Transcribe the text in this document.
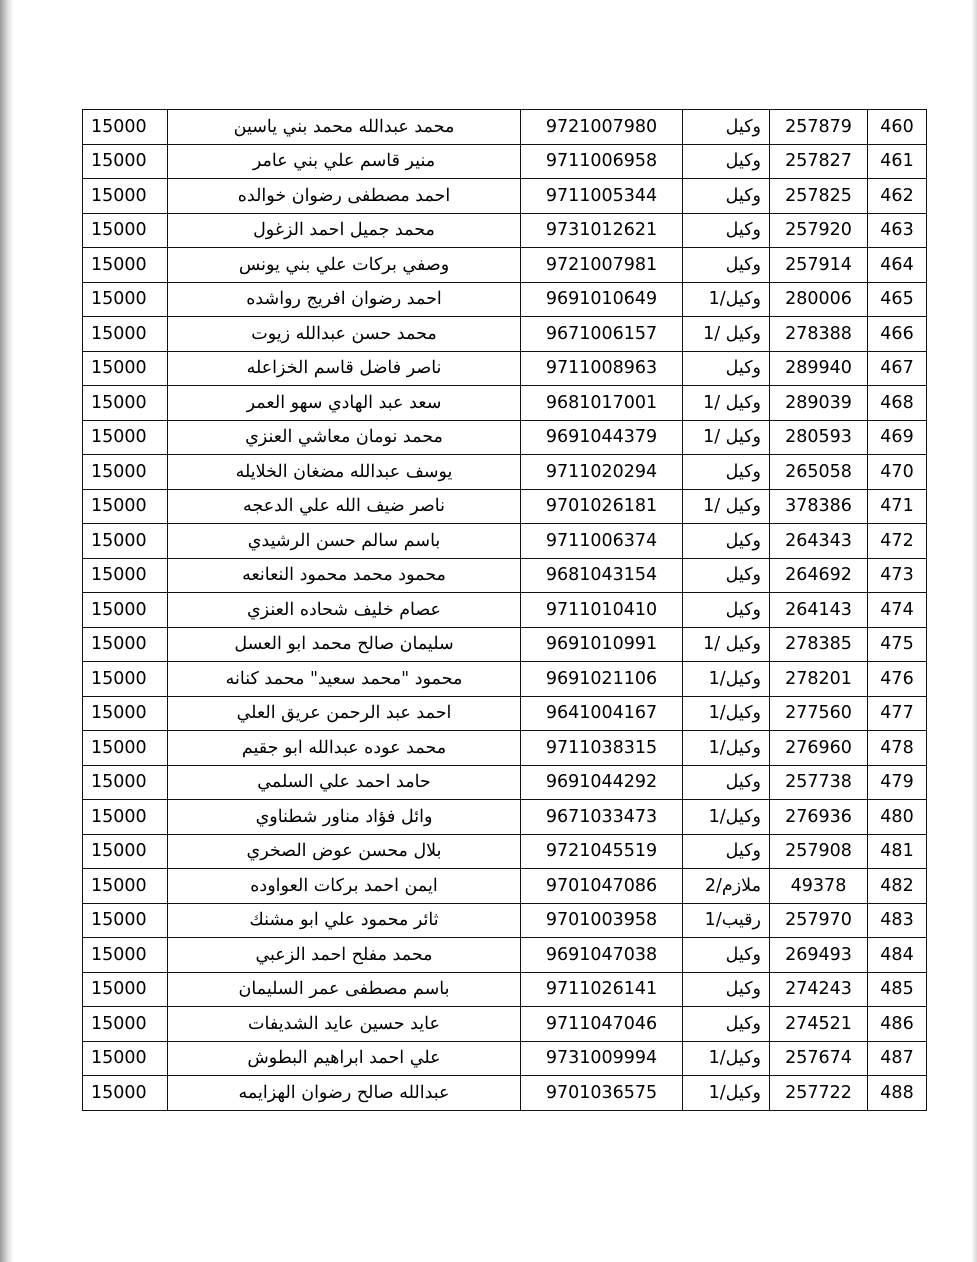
460	257879	وكيل	9721007980	محمد عبدالله محمد بني ياسين	15000
461	257827	وكيل	9711006958	منير قاسم علي بني عامر	15000
462	257825	وكيل	9711005344	احمد مصطفى رضوان خوالده	15000
463	257920	وكيل	9731012621	محمد جميل احمد الزغول	15000
464	257914	وكيل	9721007981	وصفي بركات علي بني يونس	15000
465	280006	وكيل/1	9691010649	احمد رضوان افريج رواشده	15000
466	278388	وكيل /1	9671006157	محمد حسن عبدالله زيوت	15000
467	289940	وكيل	9711008963	ناصر فاضل قاسم الخزاعله	15000
468	289039	وكيل /1	9681017001	سعد عبد الهادي سهو العمر	15000
469	280593	وكيل /1	9691044379	محمد نومان معاشي العنزي	15000
470	265058	وكيل	9711020294	يوسف عبدالله مضغان الخلايله	15000
471	378386	وكيل /1	9701026181	ناصر ضيف الله علي الدعجه	15000
472	264343	وكيل	9711006374	باسم سالم حسن الرشيدي	15000
473	264692	وكيل	9681043154	محمود محمد محمود النعانعه	15000
474	264143	وكيل	9711010410	عصام خليف شحاده العنزي	15000
475	278385	وكيل /1	9691010991	سليمان صالح محمد ابو العسل	15000
476	278201	وكيل/1	9691021106	محمود "محمد سعيد" محمد كنانه	15000
477	277560	وكيل/1	9641004167	احمد عبد الرحمن عريق العلي	15000
478	276960	وكيل/1	9711038315	محمد عوده عبدالله ابو جقيم	15000
479	257738	وكيل	9691044292	حامد احمد علي السلمي	15000
480	276936	وكيل/1	9671033473	وائل فؤاد مناور شطناوي	15000
481	257908	وكيل	9721045519	بلال محسن عوض الصخري	15000
482	49378	ملازم/2	9701047086	ايمن احمد بركات العواوده	15000
483	257970	رقيب/1	9701003958	ثائر محمود علي ابو مشنك	15000
484	269493	وكيل	9691047038	محمد مفلح احمد الزعبي	15000
485	274243	وكيل	9711026141	باسم مصطفى عمر السليمان	15000
486	274521	وكيل	9711047046	عايد حسين عايد الشديفات	15000
487	257674	وكيل/1	9731009994	علي احمد ابراهيم البطوش	15000
488	257722	وكيل/1	9701036575	عبدالله صالح رضوان الهزايمه	15000
